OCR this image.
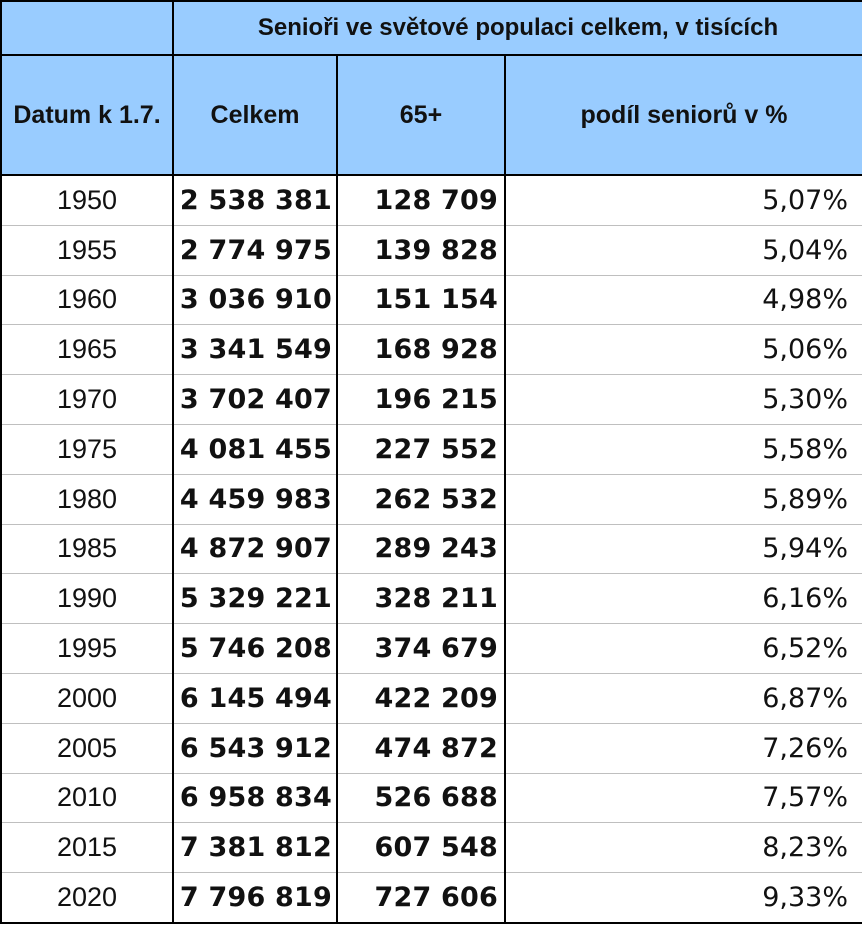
	Senioři ve světové populaci celkem, v tisících		
Datum k 1.7.	Celkem	65+	podíl seniorů v %
1950	2 538 381	128 709	5,07%
1955	2 774 975	139 828	5,04%
1960	3 036 910	151 154	4,98%
1965	3 341 549	168 928	5,06%
1970	3 702 407	196 215	5,30%
1975	4 081 455	227 552	5,58%
1980	4 459 983	262 532	5,89%
1985	4 872 907	289 243	5,94%
1990	5 329 221	328 211	6,16%
1995	5 746 208	374 679	6,52%
2000	6 145 494	422 209	6,87%
2005	6 543 912	474 872	7,26%
2010	6 958 834	526 688	7,57%
2015	7 381 812	607 548	8,23%
2020	7 796 819	727 606	9,33%
